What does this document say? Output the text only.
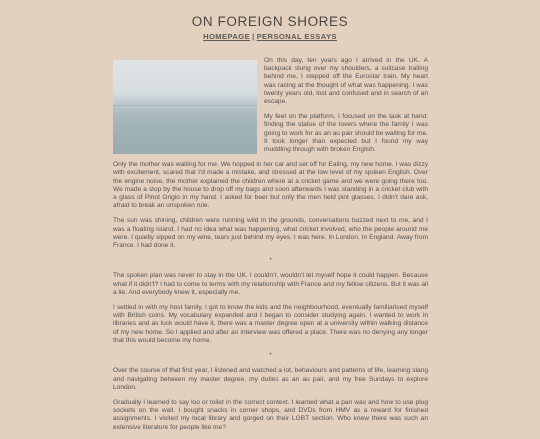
ON FOREIGN SHORES
HOMEPAGE | PERSONAL ESSAYS

On this day, ten years ago I arrived in the UK. A backpack slung over my shoulders, a suitcase trailing behind me, I stepped off the Eurostar train. My heart was racing at the thought of what was happening. I was twenty years old, lost and confused and in search of an escape.

My feet on the platform, I focused on the task at hand: finding the statue of the lovers where the family I was going to work for as an au pair should be waiting for me. It took longer than expected but I found my way muddling through with broken English.

Only the mother was waiting for me. We hopped in her car and set off for Ealing, my new home. I was dizzy with excitement, scared that I'd made a mistake, and stressed at the low level of my spoken English. Over the engine noise, the mother explained the children where at a cricket game and we were going there too. We made a stop by the house to drop off my bags and soon afterwards I was standing in a cricket club with a glass of Pinot Grigio in my hand. I asked for beer but only the men held pint glasses. I didn't dare ask, afraid to break an unspoken rule.

The sun was shining, children were running wild in the grounds, conversations buzzed next to me, and I was a floating island. I had no idea what was happening, what cricket involved, who the people around me were. I quietly sipped on my wine, tears just behind my eyes. I was here. In London. In England. Away from France. I had done it.

*

The spoken plan was never to stay in the UK. I couldn't, wouldn't let myself hope it could happen. Because what if it didn't? I had to come to terms with my relationship with France and my fellow citizens. But it was all a lie. And everybody knew it, especially me.

I settled in with my host family, I got to know the kids and the neighbourhood, eventually familiarised myself with British coins. My vocabulary expanded and I began to consider studying again. I wanted to work in libraries and as luck would have it, there was a master degree open at a university within walking distance of my new home. So I applied and after an interview was offered a place. There was no denying any longer that this would become my home.

*

Over the course of that first year, I listened and watched a lot, behaviours and patterns of life, learning slang and navigating between my master degree, my duties as an au pair, and my free Sundays to explore London.

Gradually I learned to say loo or toilet in the correct context. I learned what a pan was and how to use plug sockets on the wall. I bought snacks in corner shops, and DVDs from HMV as a reward for finished assignments. I visited my local library and gorged on their LGBT section. Who knew there was such an extensive literature for people like me?
